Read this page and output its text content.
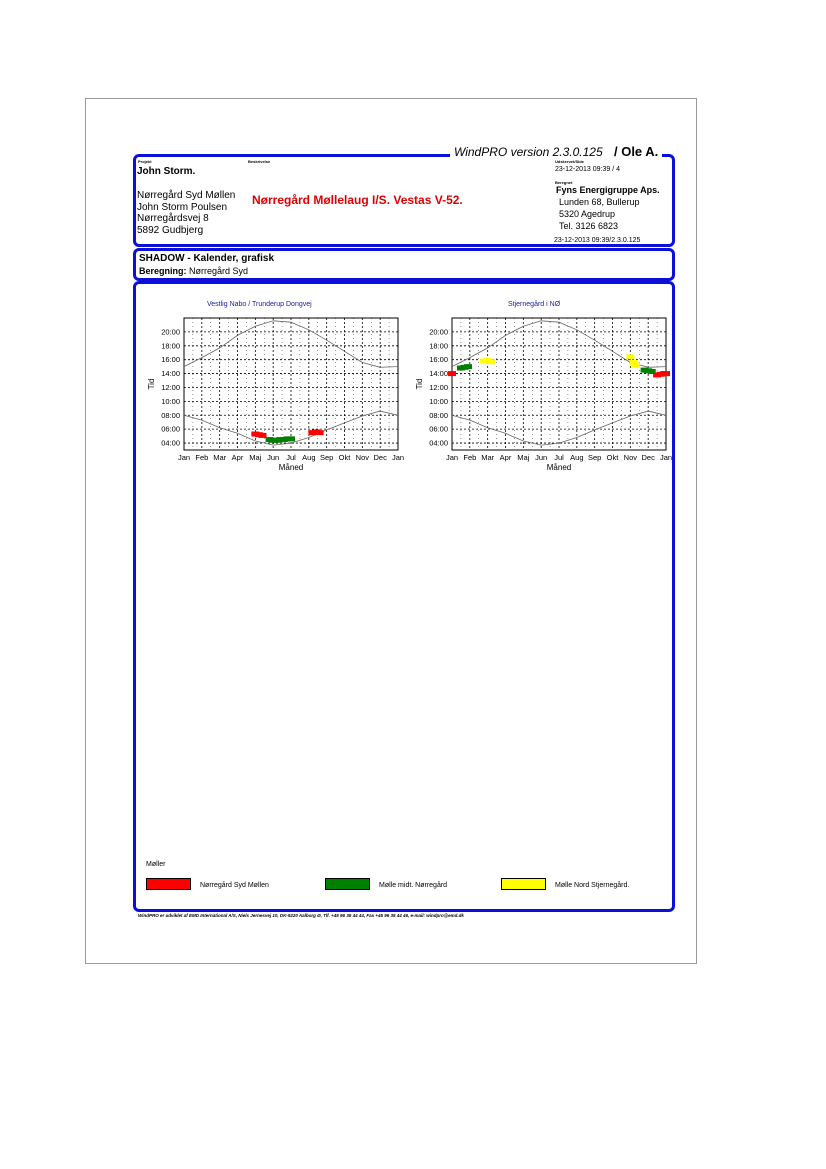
WindPRO version 2.3.0.125 / Ole A.
Projekt	Beskrivelse
John Storm.
Nørregård Syd Møllen
John Storm Poulsen
Nørregårdsvej 8
5892 Gudbjerg
Nørregård Møllelaug I/S. Vestas V-52.
Udskrevet/Side
23-12-2013 09:39 / 4
Beregnet
Fyns Energigruppe Aps.
Lunden 68, Bullerup
5320 Agedrup
Tel. 3126 6823
23-12-2013 09:39/2.3.0.125
SHADOW - Kalender, grafisk
Beregning: Nørregård Syd
Vestlig Nabo / Trunderup Dongvej	Stjernegård i NØ
Jan Feb Mar Apr Maj Jun Jul Aug Sep Okt Nov Dec Jan
20:00
18:00
16:00
14:00
12:00
10:00
08:00
06:00
04:00
Måned
Tid
Jan Feb Mar Apr Maj Jun Jul Aug Sep Okt Nov Dec Jan
20:00
18:00
16:00
14:00
12:00
10:00
08:00
06:00
04:00
Måned
Tid
Møller
Nørregård Syd Møllen	Mølle midt. Nørregård	Mølle Nord Stjernegård.
WindPRO er udviklet af EMD International A/S, Niels Jernesvej 10, DK-9220 Aalborg Ø, Tlf. +45 96 35 44 44, Fax +45 96 35 44 46, e-mail: windpro@emd.dk
